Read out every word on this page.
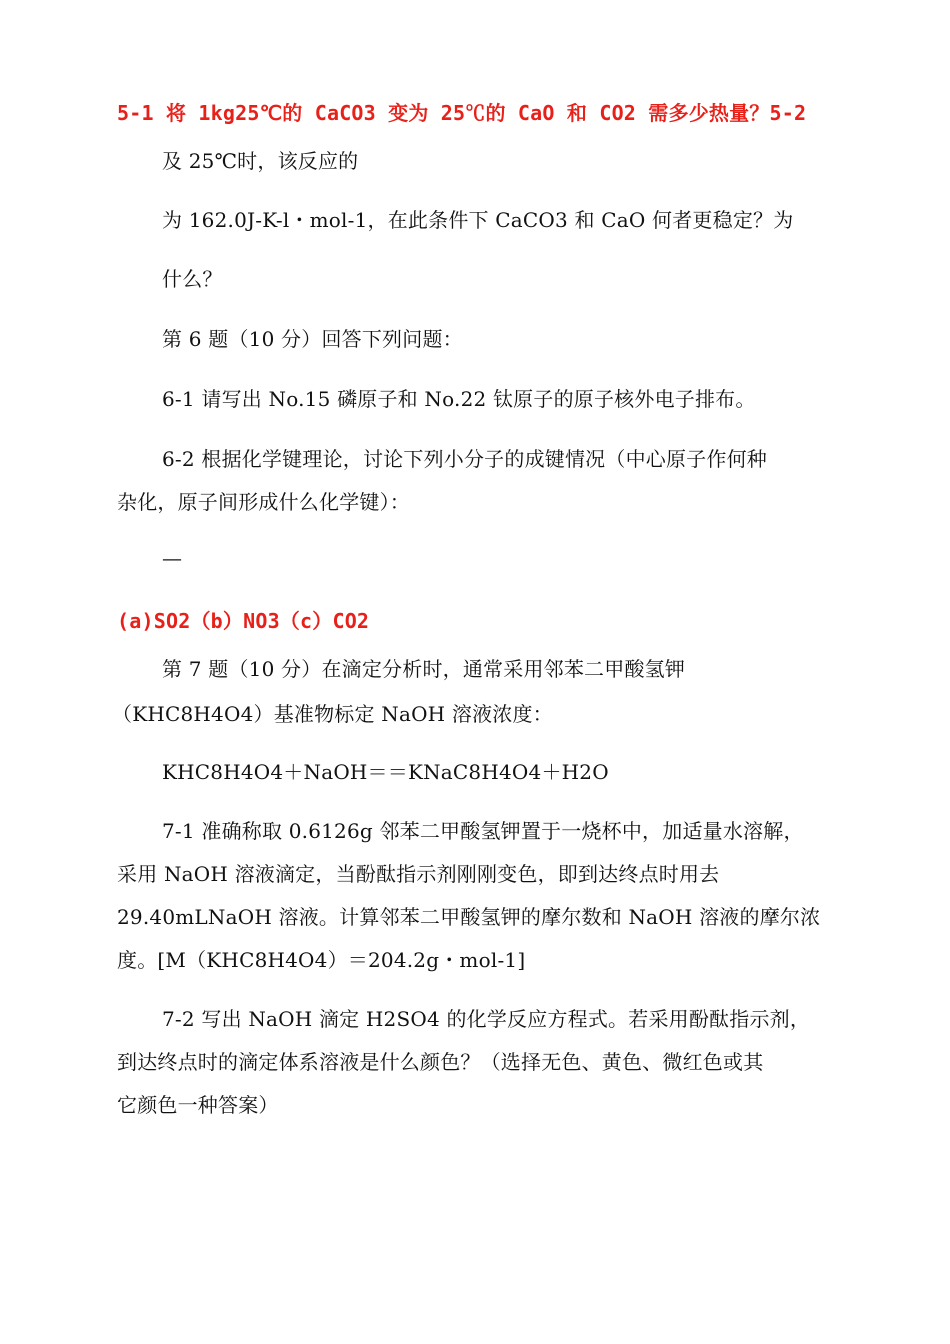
5-1 将 1kg25℃的 CaCO3 变为 25℃的 CaO 和 CO2 需多少热量？5-2
及 25℃时，该反应的
为 162.0J-K-l・mol-1，在此条件下 CaCO3 和 CaO 何者更稳定？为
什么？
第 6 题（10 分）回答下列问题：
6-1 请写出 No.15 磷原子和 No.22 钛原子的原子核外电子排布。
6-2 根据化学键理论，讨论下列小分子的成键情况（中心原子作何种
杂化，原子间形成什么化学键）：
—
(a)SO2（b）NO3（c）CO2
第 7 题（10 分）在滴定分析时，通常采用邻苯二甲酸氢钾
（KHC8H4O4）基准物标定 NaOH 溶液浓度：
KHC8H4O4＋NaOH＝＝KNaC8H4O4＋H2O
7-1 准确称取 0.6126g 邻苯二甲酸氢钾置于一烧杯中，加适量水溶解，
采用 NaOH 溶液滴定，当酚酞指示剂刚刚变色，即到达终点时用去
29.40mLNaOH 溶液。计算邻苯二甲酸氢钾的摩尔数和 NaOH 溶液的摩尔浓
度。[M（KHC8H4O4）＝204.2g・mol-1]
7-2 写出 NaOH 滴定 H2SO4 的化学反应方程式。若采用酚酞指示剂，
到达终点时的滴定体系溶液是什么颜色？（选择无色、黄色、微红色或其
它颜色一种答案）
